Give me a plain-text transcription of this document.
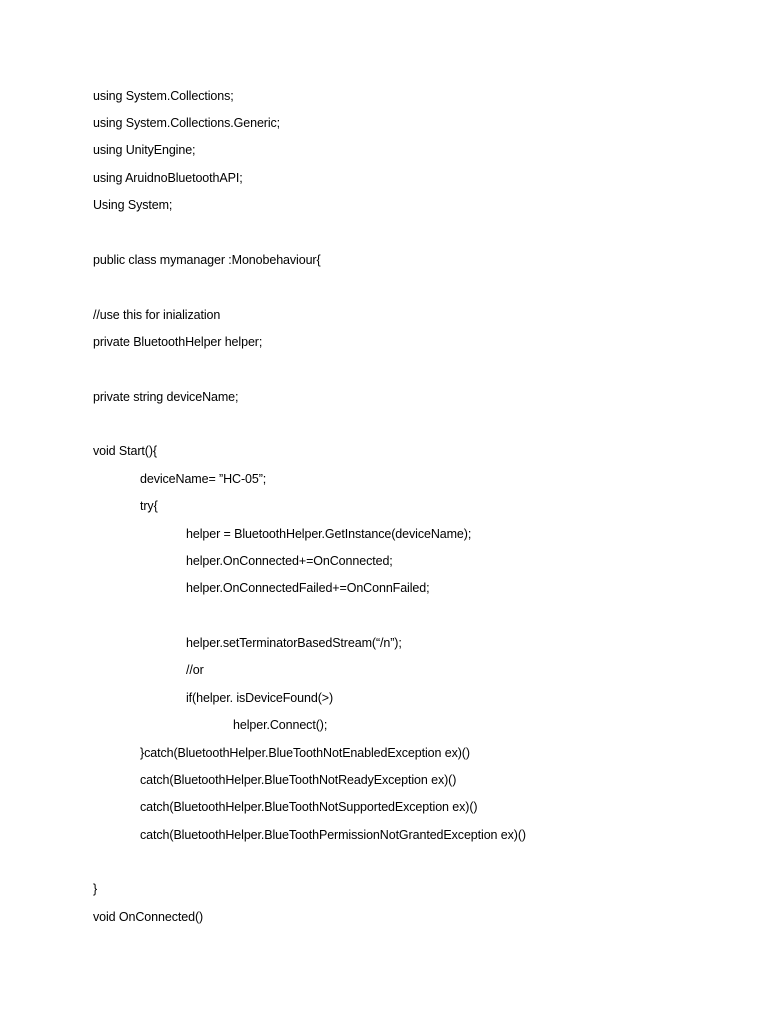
using System.Collections;
using System.Collections.Generic;
using UnityEngine;
using AruidnoBluetoothAPI;
Using System;
public class mymanager :Monobehaviour{
//use this for inialization
private BluetoothHelper helper;
private string deviceName;
void Start(){
deviceName= ”HC-05”;
try{
helper = BluetoothHelper.GetInstance(deviceName);
helper.OnConnected+=OnConnected;
helper.OnConnectedFailed+=OnConnFailed;
helper.setTerminatorBasedStream(“/n”);
//or
if(helper. isDeviceFound(>)
helper.Connect();
}catch(BluetoothHelper.BlueToothNotEnabledException ex)()
catch(BluetoothHelper.BlueToothNotReadyException ex)()
catch(BluetoothHelper.BlueToothNotSupportedException ex)()
catch(BluetoothHelper.BlueToothPermissionNotGrantedException ex)()
}
void OnConnected()
